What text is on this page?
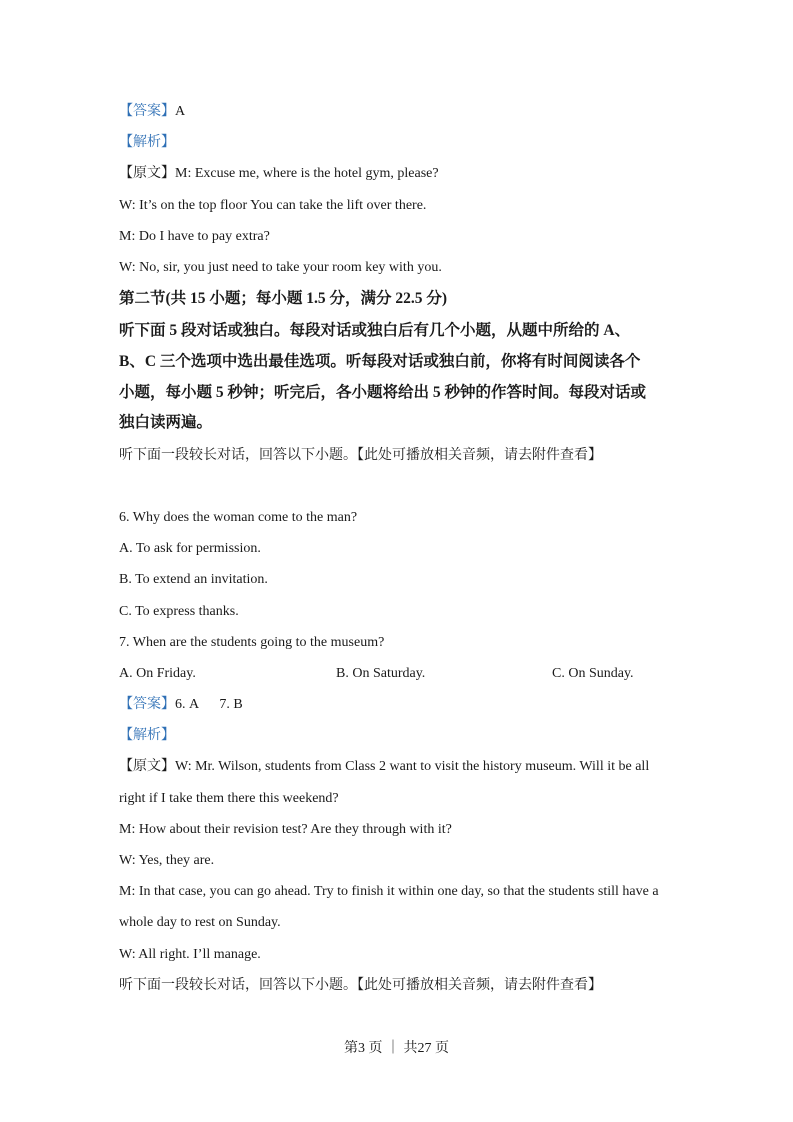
【答案】A
【解析】
【原文】M: Excuse me, where is the hotel gym, please?
W: It’s on the top floor You can take the lift over there.
M: Do I have to pay extra?
W: No, sir, you just need to take your room key with you.
第二节(共 15 小题；每小题 1.5 分，满分 22.5 分)
听下面 5 段对话或独白。每段对话或独白后有几个小题，从题中所给的 A、
B、C 三个选项中选出最佳选项。听每段对话或独白前，你将有时间阅读各个
小题，每小题 5 秒钟；听完后，各小题将给出 5 秒钟的作答时间。每段对话或
独白读两遍。
听下面一段较长对话，回答以下小题。【此处可播放相关音频，请去附件查看】
6. Why does the woman come to the man?
A. To ask for permission.
B. To extend an invitation.
C. To express thanks.
7. When are the students going to the museum?
A. On Friday.	B. On Saturday.	C. On Sunday.
【答案】6. A      7. B
【解析】
【原文】W: Mr. Wilson, students from Class 2 want to visit the history museum. Will it be all
right if I take them there this weekend?
M: How about their revision test? Are they through with it?
W: Yes, they are.
M: In that case, you can go ahead. Try to finish it within one day, so that the students still have a
whole day to rest on Sunday.
W: All right. I’ll manage.
听下面一段较长对话，回答以下小题。【此处可播放相关音频，请去附件查看】
第3 页 ｜ 共27 页
